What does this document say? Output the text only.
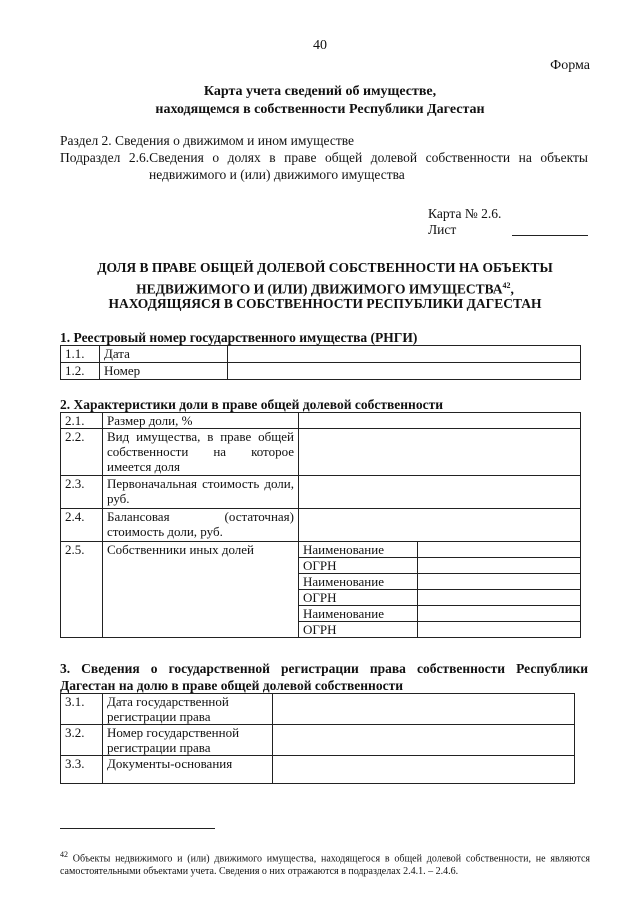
40
Форма
Карта учета сведений об имуществе,
находящемся в собственности Республики Дагестан
Раздел 2. Сведения о движимом и ином имуществе
Подраздел 2.6.Сведения о долях в праве общей долевой собственности на объекты
недвижимого и (или) движимого имущества
Карта № 2.6.
Лист
ДОЛЯ В ПРАВЕ ОБЩЕЙ ДОЛЕВОЙ СОБСТВЕННОСТИ НА ОБЪЕКТЫ
НЕДВИЖИМОГО И (ИЛИ) ДВИЖИМОГО ИМУЩЕСТВА$^{42}$,
НАХОДЯЩЯЯСЯ В СОБСТВЕННОСТИ РЕСПУБЛИКИ ДАГЕСТАН
1. Реестровый номер государственного имущества (РНГИ)
1.1.	Дата	
1.2.	Номер	
2. Характеристики доли в праве общей долевой собственности
2.1.	Размер доли, %		
2.2.	Вид имущества, в праве общей собственности на которое имеется доля		
2.3.	Первоначальная стоимость доли, руб.		
2.4.	Балансовая (остаточная) стоимость доли, руб.		
2.5.	Собственники иных долей	Наименование	
		ОГРН	
		Наименование	
		ОГРН	
		Наименование	
		ОГРН	
3. Сведения о государственной регистрации права собственности Республики
Дагестан на долю в праве общей долевой собственности
3.1.	Дата государственной регистрации права	
3.2.	Номер государственной регистрации права	
3.3.	Документы-основания	
$^{42}$ Объекты недвижимого и (или) движимого имущества, находящегося в общей долевой собственности, не являются самостоятельными объектами учета. Сведения о них отражаются в подразделах 2.4.1. – 2.4.6.
